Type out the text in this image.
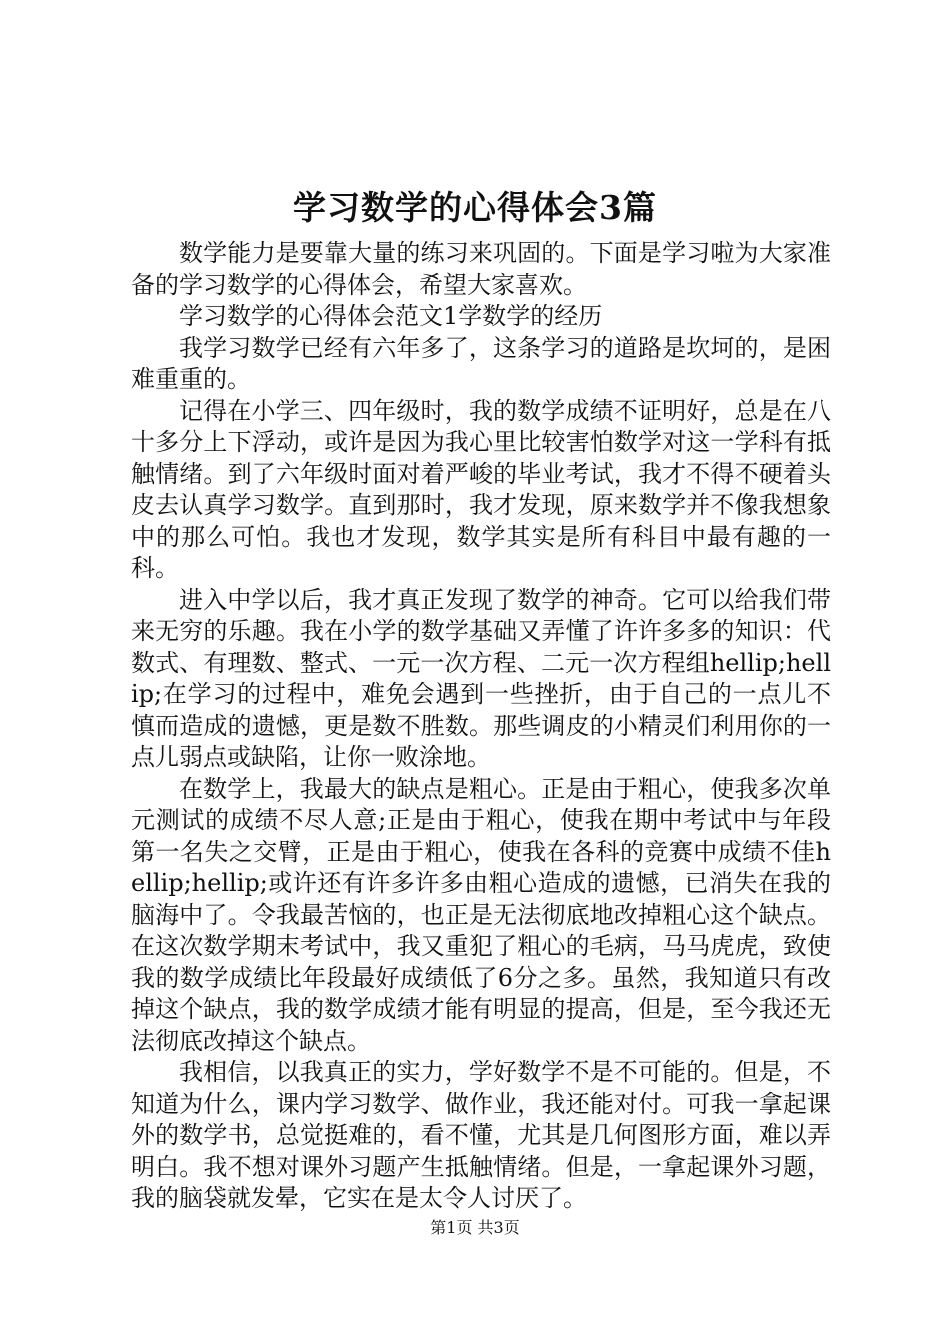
学习数学的心得体会3篇

数学能力是要靠大量的练习来巩固的。下面是学习啦为大家准备的学习数学的心得体会，希望大家喜欢。

学习数学的心得体会范文1学数学的经历

我学习数学已经有六年多了，这条学习的道路是坎坷的，是困难重重的。

记得在小学三、四年级时，我的数学成绩不证明好，总是在八十多分上下浮动，或许是因为我心里比较害怕数学对这一学科有抵触情绪。到了六年级时面对着严峻的毕业考试，我才不得不硬着头皮去认真学习数学。直到那时，我才发现，原来数学并不像我想象中的那么可怕。我也才发现，数学其实是所有科目中最有趣的一科。

进入中学以后，我才真正发现了数学的神奇。它可以给我们带来无穷的乐趣。我在小学的数学基础又弄懂了许许多多的知识：代数式、有理数、整式、一元一次方程、二元一次方程组hellip;hellip;在学习的过程中，难免会遇到一些挫折，由于自己的一点儿不慎而造成的遗憾，更是数不胜数。那些调皮的小精灵们利用你的一点儿弱点或缺陷，让你一败涂地。

在数学上，我最大的缺点是粗心。正是由于粗心，使我多次单元测试的成绩不尽人意;正是由于粗心，使我在期中考试中与年段第一名失之交臂，正是由于粗心，使我在各科的竞赛中成绩不佳hellip;hellip;或许还有许多许多由粗心造成的遗憾，已消失在我的脑海中了。令我最苦恼的，也正是无法彻底地改掉粗心这个缺点。在这次数学期末考试中，我又重犯了粗心的毛病，马马虎虎，致使我的数学成绩比年段最好成绩低了6分之多。虽然，我知道只有改掉这个缺点，我的数学成绩才能有明显的提高，但是，至今我还无法彻底改掉这个缺点。

我相信，以我真正的实力，学好数学不是不可能的。但是，不知道为什么，课内学习数学、做作业，我还能对付。可我一拿起课外的数学书，总觉挺难的，看不懂，尤其是几何图形方面，难以弄明白。我不想对课外习题产生抵触情绪。但是，一拿起课外习题，我的脑袋就发晕，它实在是太令人讨厌了。

第1页 共3页
